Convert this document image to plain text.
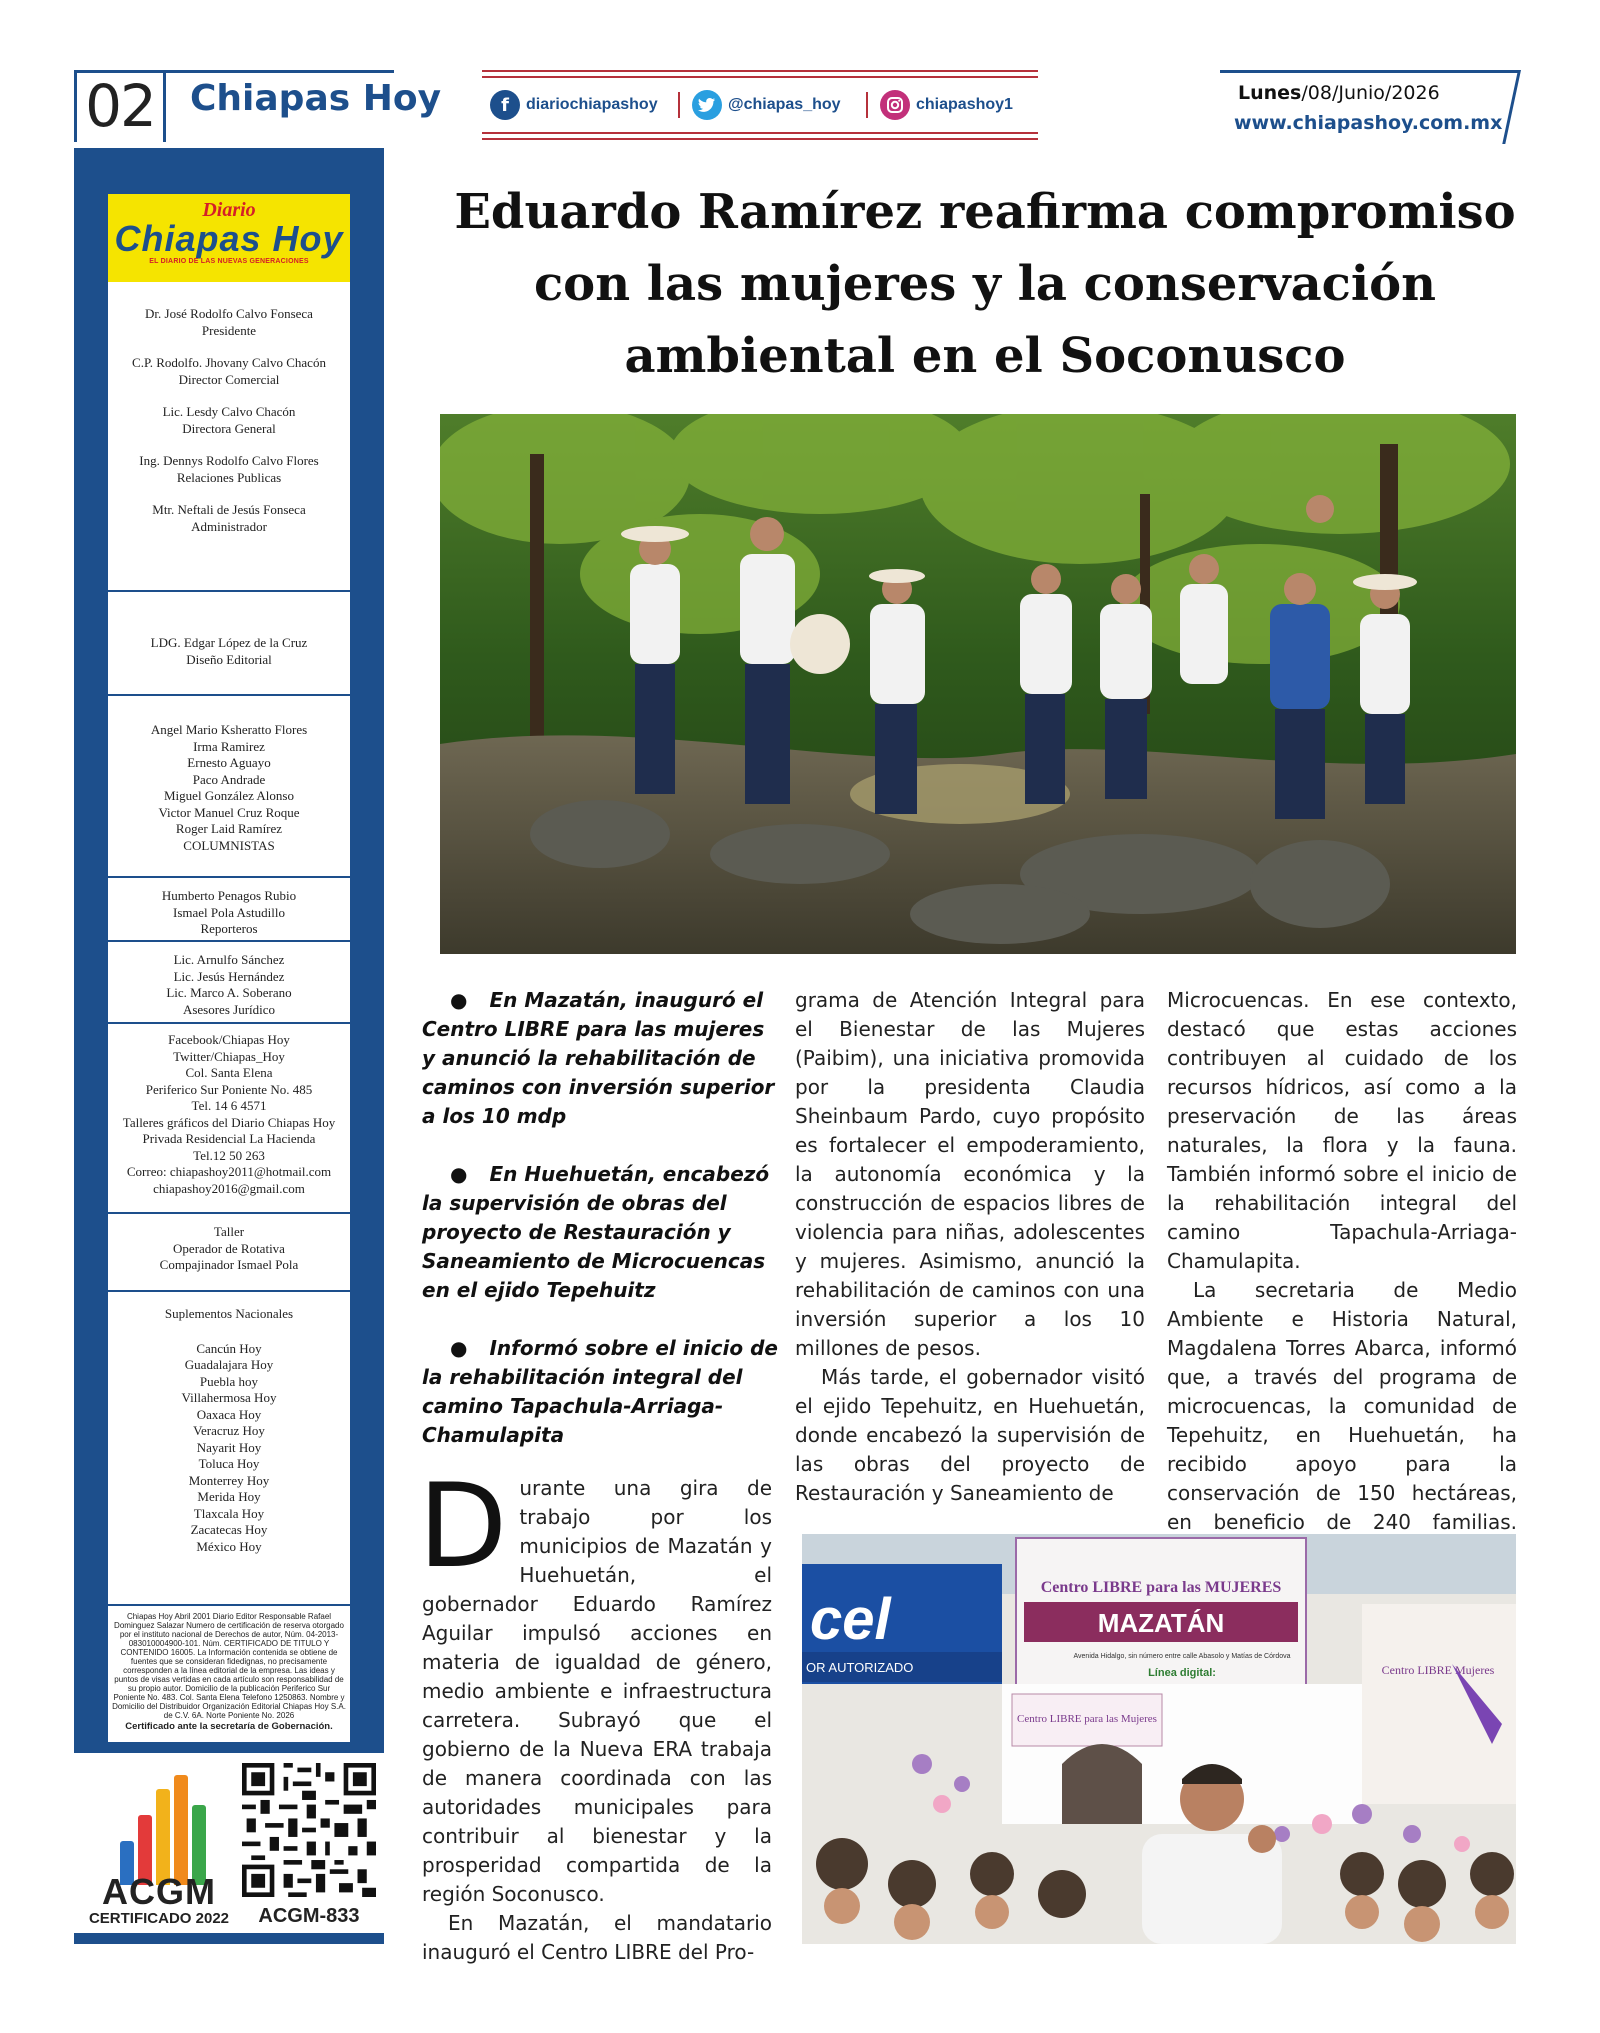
02 Chiapas Hoy	f	diariochiapashoy	@chiapas_hoy	chiapashoy1
Lunes/08/Junio/2026
www.chiapashoy.com.mx
Diario
Chiapas Hoy
EL DIARIO DE LAS NUEVAS GENERACIONES
Dr. José Rodolfo Calvo Fonseca
Presidente
C.P. Rodolfo. Jhovany Calvo Chacón
Director Comercial
Lic. Lesdy Calvo Chacón
Directora General
Ing. Dennys Rodolfo Calvo Flores
Relaciones Publicas
Mtr. Neftali de Jesús Fonseca
Administrador
LDG. Edgar López de la Cruz
Diseño Editorial
Angel Mario Ksheratto Flores
Irma Ramirez
Ernesto Aguayo
Paco Andrade
Miguel González Alonso
Victor Manuel Cruz Roque
Roger Laid Ramírez
COLUMNISTAS
Humberto Penagos Rubio
Ismael Pola Astudillo
Reporteros
Lic. Arnulfo Sánchez
Lic. Jesús Hernández
Lic. Marco A. Soberano
Asesores Jurídico
Facebook/Chiapas Hoy
Twitter/Chiapas_Hoy
Col. Santa Elena
Periferico Sur Poniente No. 485
Tel. 14 6 4571
Talleres gráficos del Diario Chiapas Hoy
Privada Residencial La Hacienda
Tel.12 50 263
Correo: chiapashoy2011@hotmail.com
chiapashoy2016@gmail.com
Taller
Operador de Rotativa
Compajinador Ismael Pola
Suplementos Nacionales
Cancún Hoy
Guadalajara Hoy
Puebla hoy
Villahermosa Hoy
Oaxaca Hoy
Veracruz Hoy
Nayarit Hoy
Toluca Hoy
Monterrey Hoy
Merida Hoy
Tlaxcala Hoy
Zacatecas Hoy
México Hoy
Chiapas Hoy Abril 2001 Diario Editor Responsable Rafael Dominguez Salazar Numero de certificación de reserva otorgado por el instituto nacional de Derechos de autor, Núm. 04-2013-083010004900-101. Núm. CERTIFICADO DE TITULO Y CONTENIDO 16005. La Información contenida se obtiene de fuentes que se consideran fidedignas, no precisamente corresponden a la línea editorial de la empresa. Las ideas y puntos de visas vertidas en cada artículo son responsabilidad de su propio autor. Domicilio de la publicación Periferico Sur Poniente No. 483. Col. Santa Elena Telefono 1250863. Nombre y Domicilio del Distribuidor Organización Editorial Chiapas Hoy S.A. de C.V. 6A. Norte Poniente No. 2026
Certificado ante la secretaría de Gobernación.
ACGM
CERTIFICADO 2022	ACGM-833
Eduardo Ramírez reafirma compromiso con las mujeres y la conservación ambiental en el Soconusco
● En Mazatán, inauguró el Centro LIBRE para las mujeres y anunció la rehabilitación de caminos con inversión superior a los 10 mdp
● En Huehuetán, encabezó la supervisión de obras del proyecto de Restauración y Saneamiento de Microcuencas en el ejido Tepehuitz
● Informó sobre el inicio de la rehabilitación integral del camino Tapachula-Arriaga-Chamulapita

Durante una gira de trabajo por los municipios de Mazatán y Huehuetán, el gobernador Eduardo Ramírez Aguilar impulsó acciones en materia de igualdad de género, medio ambiente e infraestructura carretera. Subrayó que el gobierno de la Nueva ERA trabaja de manera coordinada con las autoridades municipales para contribuir al bienestar y la prosperidad compartida de la región Soconusco.

En Mazatán, el mandatario inauguró el Centro LIBRE del Pro-

grama de Atención Integral para el Bienestar de las Mujeres (Paibim), una iniciativa promovida por la presidenta Claudia Sheinbaum Pardo, cuyo propósito es fortalecer el empoderamiento, la autonomía económica y la construcción de espacios libres de violencia para niñas, adolescentes y mujeres. Asimismo, anunció la rehabilitación de caminos con una inversión superior a los 10 millones de pesos.

Más tarde, el gobernador visitó el ejido Tepehuitz, en Huehuetán, donde encabezó la supervisión de las obras del proyecto de Restauración y Saneamiento de

Microcuencas. En ese contexto, destacó que estas acciones contribuyen al cuidado de los recursos hídricos, así como a la preservación de las áreas naturales, la flora y la fauna. También informó sobre el inicio de la rehabilitación integral del camino Tapachula-Arriaga-Chamulapita.

La secretaria de Medio Ambiente e Historia Natural, Magdalena Torres Abarca, informó que, a través del programa de microcuencas, la comunidad de Tepehuitz, en Huehuetán, ha recibido apoyo para la conservación de 150 hectáreas, en beneficio de 240 familias.

cel
OR AUTORIZADO
Centro LIBRE para las MUJERES
MAZATÁN
Avenida Hidalgo, sin número entre calle Abasolo y Matías de Córdova
Línea digital:
Centro LIBRE para las Mujeres
Centro LIBRE Mujeres
